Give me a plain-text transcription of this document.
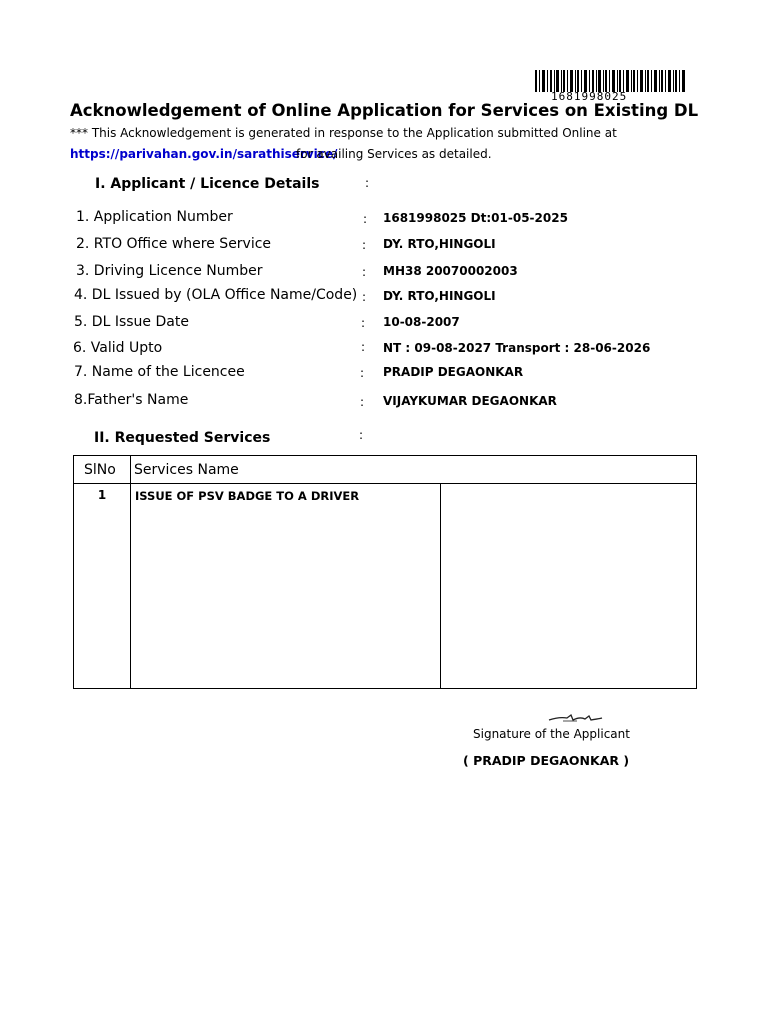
1681998025
Acknowledgement of Online Application for Services on Existing DL
*** This Acknowledgement is generated in response to the Application submitted Online at
https://parivahan.gov.in/sarathiservice/
for availing Services as detailed.
I. Applicant / Licence Details	:
1. Application Number	: 1681998025 Dt:01-05-2025
2. RTO Office where Service	: DY. RTO,HINGOLI
3. Driving Licence Number	: MH38 20070002003
4. DL Issued by (OLA Office Name/Code) : DY. RTO,HINGOLI
5. DL Issue Date	: 10-08-2007
6. Valid Upto	: NT : 09-08-2027 Transport : 28-06-2026
7. Name of the Licencee	: PRADIP DEGAONKAR
8.Father's Name	: VIJAYKUMAR DEGAONKAR
II. Requested Services	:
SlNo	Services Name	
1	ISSUE OF PSV BADGE TO A DRIVER	
Signature of the Applicant
( PRADIP DEGAONKAR )
